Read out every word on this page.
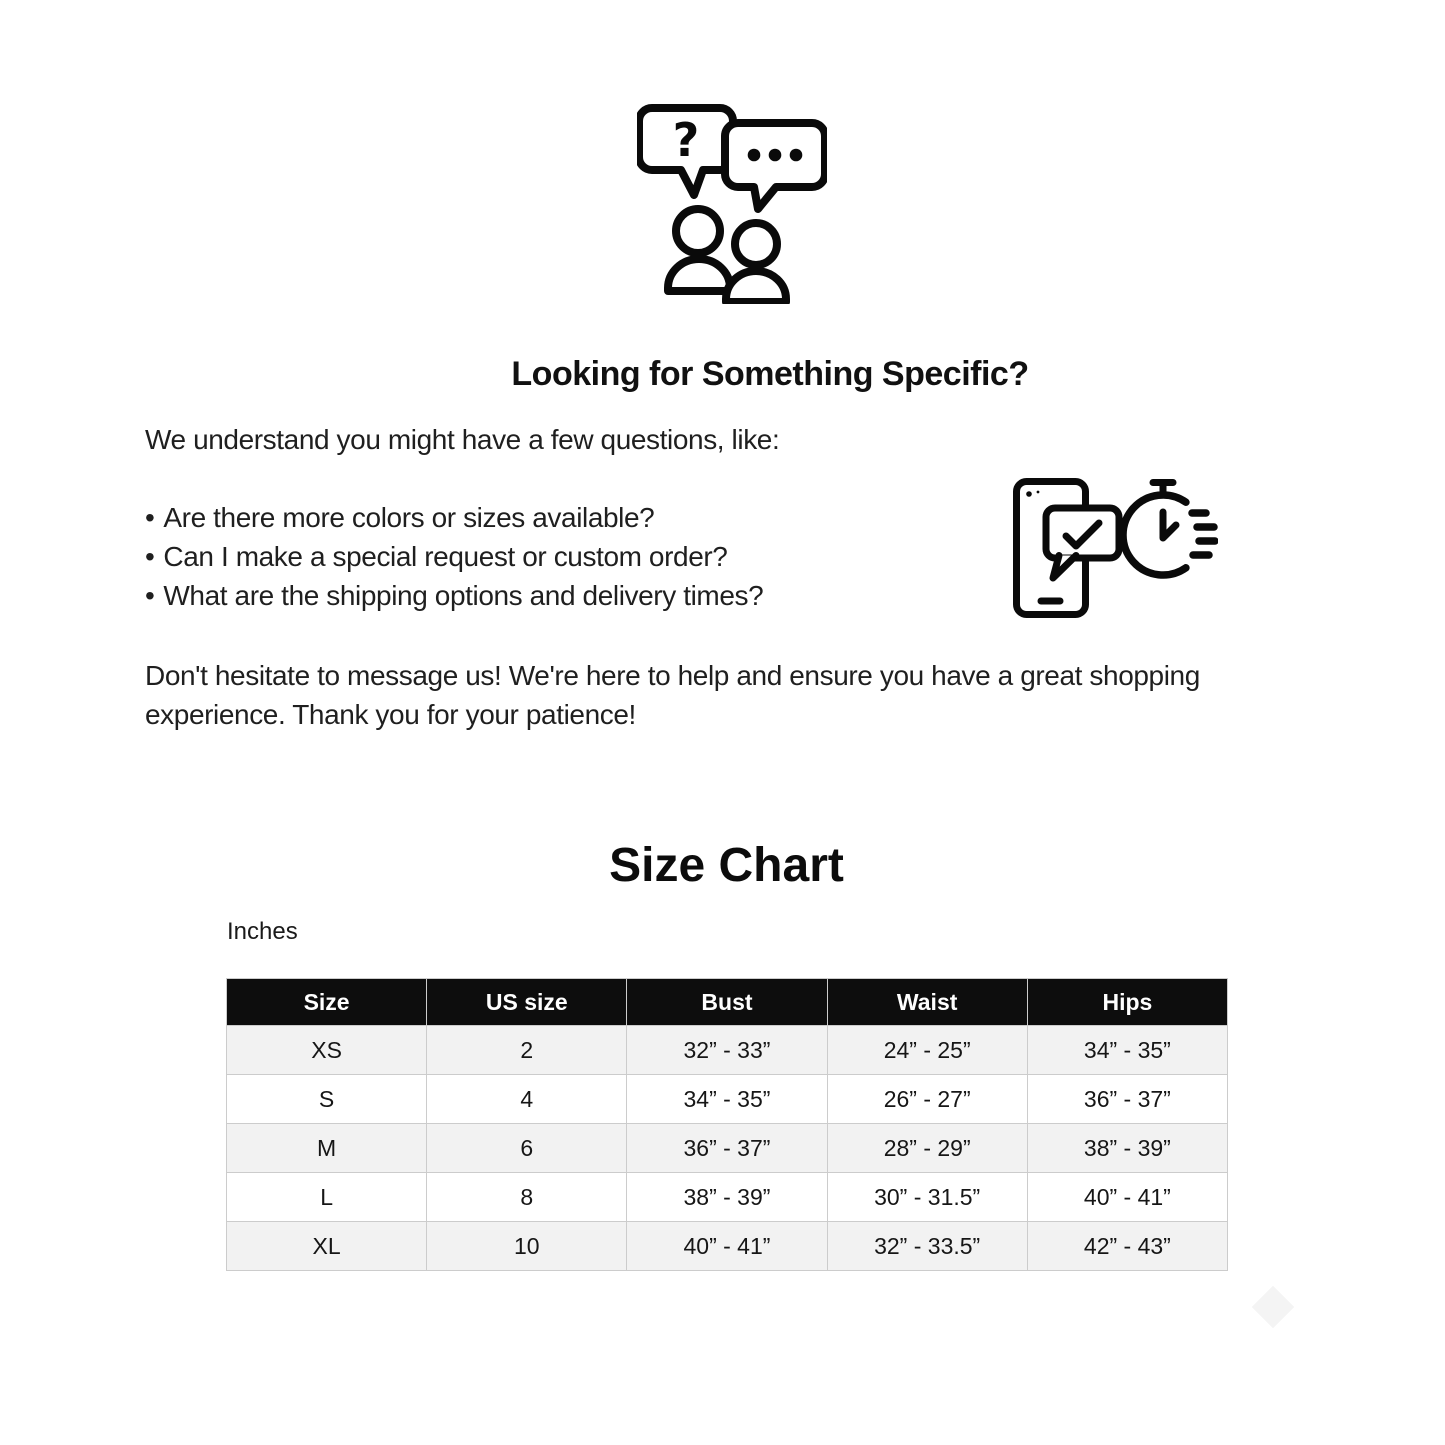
?
Looking for Something Specific?
We understand you might have a few questions, like:
• Are there more colors or sizes available?
• Can I make a special request or custom order?
• What are the shipping options and delivery times?
Don't hesitate to message us! We're here to help and ensure you have a great shopping experience. Thank you for your patience!
Size Chart
Inches
Size	US size	Bust	Waist	Hips
XS	2	32” - 33”	24” - 25”	34” - 35”
S	4	34” - 35”	26” - 27”	36” - 37”
M	6	36” - 37”	28” - 29”	38” - 39”
L	8	38” - 39”	30” - 31.5”	40” - 41”
XL	10	40” - 41”	32” - 33.5”	42” - 43”
